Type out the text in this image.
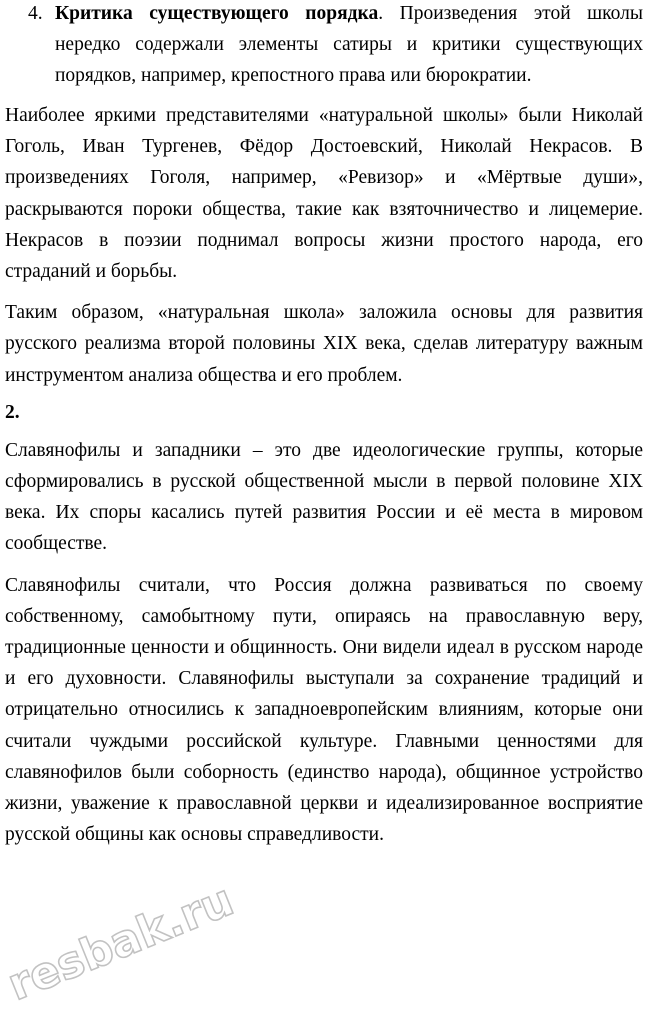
4. Критика существующего порядка. Произведения этой школы нередко содержали элементы сатиры и критики существующих порядков, например, крепостного права или бюрократии.

Наиболее яркими представителями «натуральной школы» были Николай Гоголь, Иван Тургенев, Фёдор Достоевский, Николай Некрасов. В произведениях Гоголя, например, «Ревизор» и «Мёртвые души», раскрываются пороки общества, такие как взяточничество и лицемерие. Некрасов в поэзии поднимал вопросы жизни простого народа, его страданий и борьбы.

Таким образом, «натуральная школа» заложила основы для развития русского реализма второй половины XIX века, сделав литературу важным инструментом анализа общества и его проблем.

2.

Славянофилы и западники – это две идеологические группы, которые сформировались в русской общественной мысли в первой половине XIX века. Их споры касались путей развития России и её места в мировом сообществе.

Славянофилы считали, что Россия должна развиваться по своему собственному, самобытному пути, опираясь на православную веру, традиционные ценности и общинность. Они видели идеал в русском народе и его духовности. Славянофилы выступали за сохранение традиций и отрицательно относились к западноевропейским влияниям, которые они считали чуждыми российской культуре. Главными ценностями для славянофилов были соборность (единство народа), общинное устройство жизни, уважение к православной церкви и идеализированное восприятие русской общины как основы справедливости.

resbak.ru
